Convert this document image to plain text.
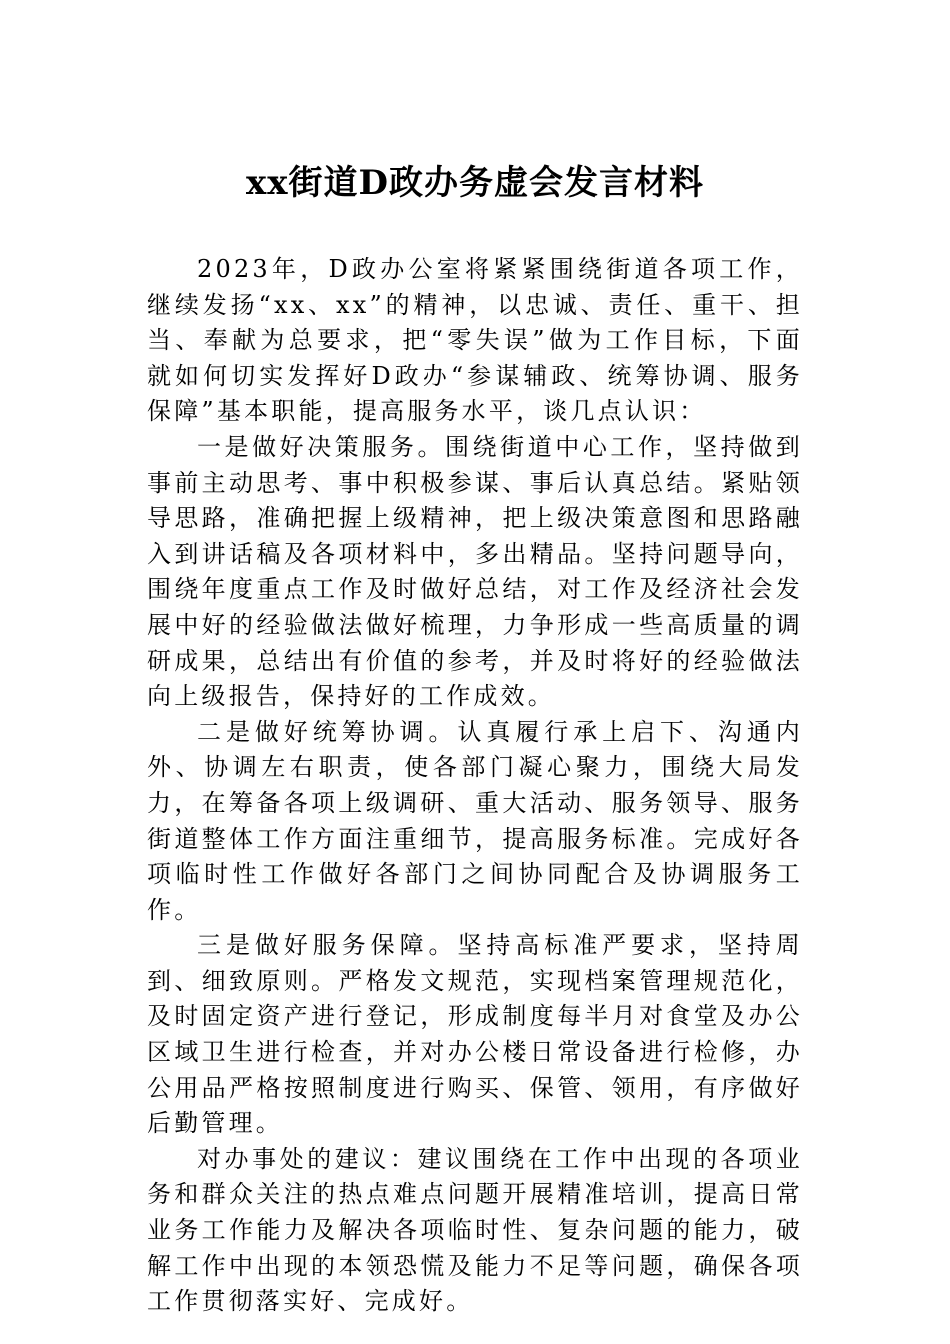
xx街道D政办务虚会发言材料

2023年，D政办公室将紧紧围绕街道各项工作，继续发扬“xx、xx”的精神，以忠诚、责任、重干、担当、奉献为总要求，把“零失误”做为工作目标，下面就如何切实发挥好D政办“参谋辅政、统筹协调、服务保障”基本职能，提高服务水平，谈几点认识：

一是做好决策服务。围绕街道中心工作，坚持做到事前主动思考、事中积极参谋、事后认真总结。紧贴领导思路，准确把握上级精神，把上级决策意图和思路融入到讲话稿及各项材料中，多出精品。坚持问题导向，围绕年度重点工作及时做好总结，对工作及经济社会发展中好的经验做法做好梳理，力争形成一些高质量的调研成果，总结出有价值的参考，并及时将好的经验做法向上级报告，保持好的工作成效。

二是做好统筹协调。认真履行承上启下、沟通内外、协调左右职责，使各部门凝心聚力，围绕大局发力，在筹备各项上级调研、重大活动、服务领导、服务街道整体工作方面注重细节，提高服务标准。完成好各项临时性工作做好各部门之间协同配合及协调服务工作。

三是做好服务保障。坚持高标准严要求，坚持周到、细致原则。严格发文规范，实现档案管理规范化，及时固定资产进行登记，形成制度每半月对食堂及办公区域卫生进行检查，并对办公楼日常设备进行检修，办公用品严格按照制度进行购买、保管、领用，有序做好后勤管理。

对办事处的建议：建议围绕在工作中出现的各项业务和群众关注的热点难点问题开展精准培训，提高日常业务工作能力及解决各项临时性、复杂问题的能力，破解工作中出现的本领恐慌及能力不足等问题，确保各项工作贯彻落实好、完成好。
